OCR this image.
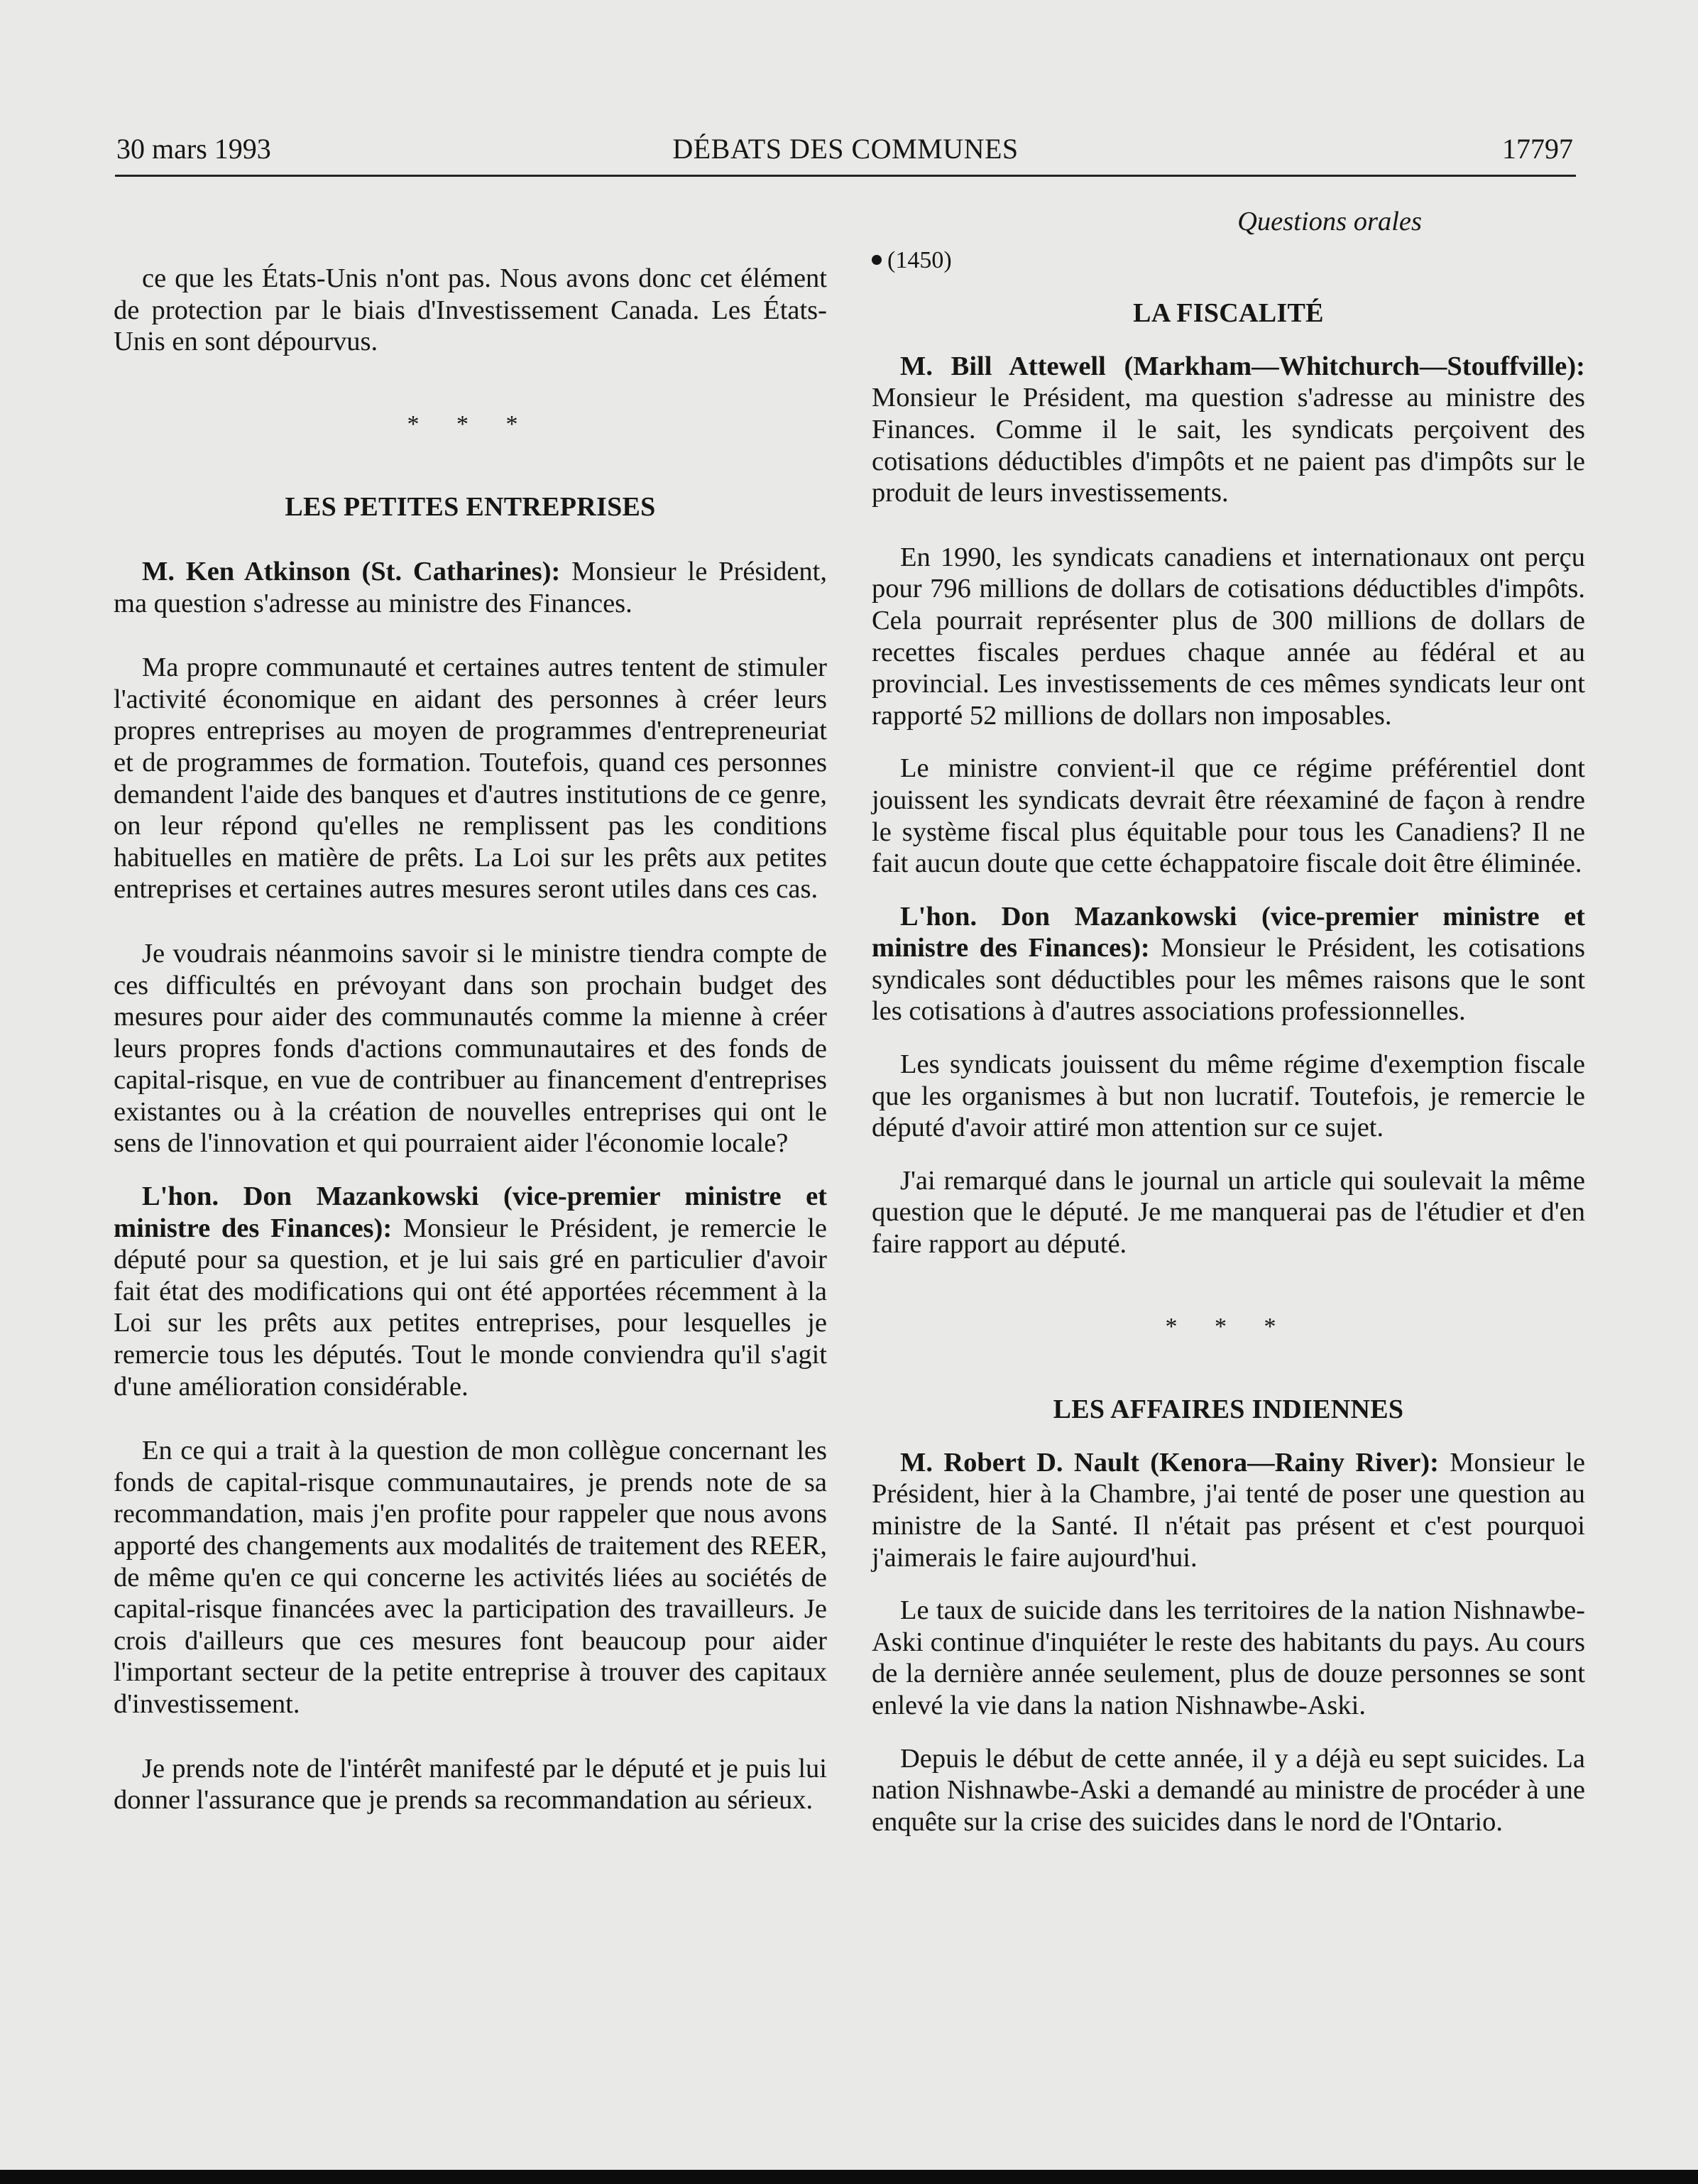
30 mars 1993	DÉBATS DES COMMUNES	17797

ce que les États-Unis n'ont pas. Nous avons donc cet élément de protection par le biais d'Investissement Canada. Les États-Unis en sont dépourvus.

* * *
LES PETITES ENTREPRISES

M. Ken Atkinson (St. Catharines): Monsieur le Président, ma question s'adresse au ministre des Finances.

Ma propre communauté et certaines autres tentent de stimuler l'activité économique en aidant des personnes à créer leurs propres entreprises au moyen de programmes d'entrepreneuriat et de programmes de formation. Toutefois, quand ces personnes demandent l'aide des banques et d'autres institutions de ce genre, on leur répond qu'elles ne remplissent pas les conditions habituelles en matière de prêts. La Loi sur les prêts aux petites entreprises et certaines autres mesures seront utiles dans ces cas.

Je voudrais néanmoins savoir si le ministre tiendra compte de ces difficultés en prévoyant dans son prochain budget des mesures pour aider des communautés comme la mienne à créer leurs propres fonds d'actions communautaires et des fonds de capital-risque, en vue de contribuer au financement d'entreprises existantes ou à la création de nouvelles entreprises qui ont le sens de l'innovation et qui pourraient aider l'économie locale?

L'hon. Don Mazankowski (vice-premier ministre et ministre des Finances): Monsieur le Président, je remercie le député pour sa question, et je lui sais gré en particulier d'avoir fait état des modifications qui ont été apportées récemment à la Loi sur les prêts aux petites entreprises, pour lesquelles je remercie tous les députés. Tout le monde conviendra qu'il s'agit d'une amélioration considérable.

En ce qui a trait à la question de mon collègue concernant les fonds de capital-risque communautaires, je prends note de sa recommandation, mais j'en profite pour rappeler que nous avons apporté des changements aux modalités de traitement des REER, de même qu'en ce qui concerne les activités liées au sociétés de capital-risque financées avec la participation des travailleurs. Je crois d'ailleurs que ces mesures font beaucoup pour aider l'important secteur de la petite entreprise à trouver des capitaux d'investissement.

Je prends note de l'intérêt manifesté par le député et je puis lui donner l'assurance que je prends sa recommandation au sérieux.

Questions orales
(1450)
LA FISCALITÉ

M. Bill Attewell (Markham—Whitchurch—Stouffville): Monsieur le Président, ma question s'adresse au ministre des Finances. Comme il le sait, les syndicats perçoivent des cotisations déductibles d'impôts et ne paient pas d'impôts sur le produit de leurs investissements.

En 1990, les syndicats canadiens et internationaux ont perçu pour 796 millions de dollars de cotisations déductibles d'impôts. Cela pourrait représenter plus de 300 millions de dollars de recettes fiscales perdues chaque année au fédéral et au provincial. Les investissements de ces mêmes syndicats leur ont rapporté 52 millions de dollars non imposables.

Le ministre convient-il que ce régime préférentiel dont jouissent les syndicats devrait être réexaminé de façon à rendre le système fiscal plus équitable pour tous les Canadiens? Il ne fait aucun doute que cette échappatoire fiscale doit être éliminée.

L'hon. Don Mazankowski (vice-premier ministre et ministre des Finances): Monsieur le Président, les cotisations syndicales sont déductibles pour les mêmes raisons que le sont les cotisations à d'autres associations professionnelles.

Les syndicats jouissent du même régime d'exemption fiscale que les organismes à but non lucratif. Toutefois, je remercie le député d'avoir attiré mon attention sur ce sujet.

J'ai remarqué dans le journal un article qui soulevait la même question que le député. Je me manquerai pas de l'étudier et d'en faire rapport au député.

* * *
LES AFFAIRES INDIENNES

M. Robert D. Nault (Kenora—Rainy River): Monsieur le Président, hier à la Chambre, j'ai tenté de poser une question au ministre de la Santé. Il n'était pas présent et c'est pourquoi j'aimerais le faire aujourd'hui.

Le taux de suicide dans les territoires de la nation Nishnawbe-Aski continue d'inquiéter le reste des habitants du pays. Au cours de la dernière année seulement, plus de douze personnes se sont enlevé la vie dans la nation Nishnawbe-Aski.

Depuis le début de cette année, il y a déjà eu sept suicides. La nation Nishnawbe-Aski a demandé au ministre de procéder à une enquête sur la crise des suicides dans le nord de l'Ontario.
